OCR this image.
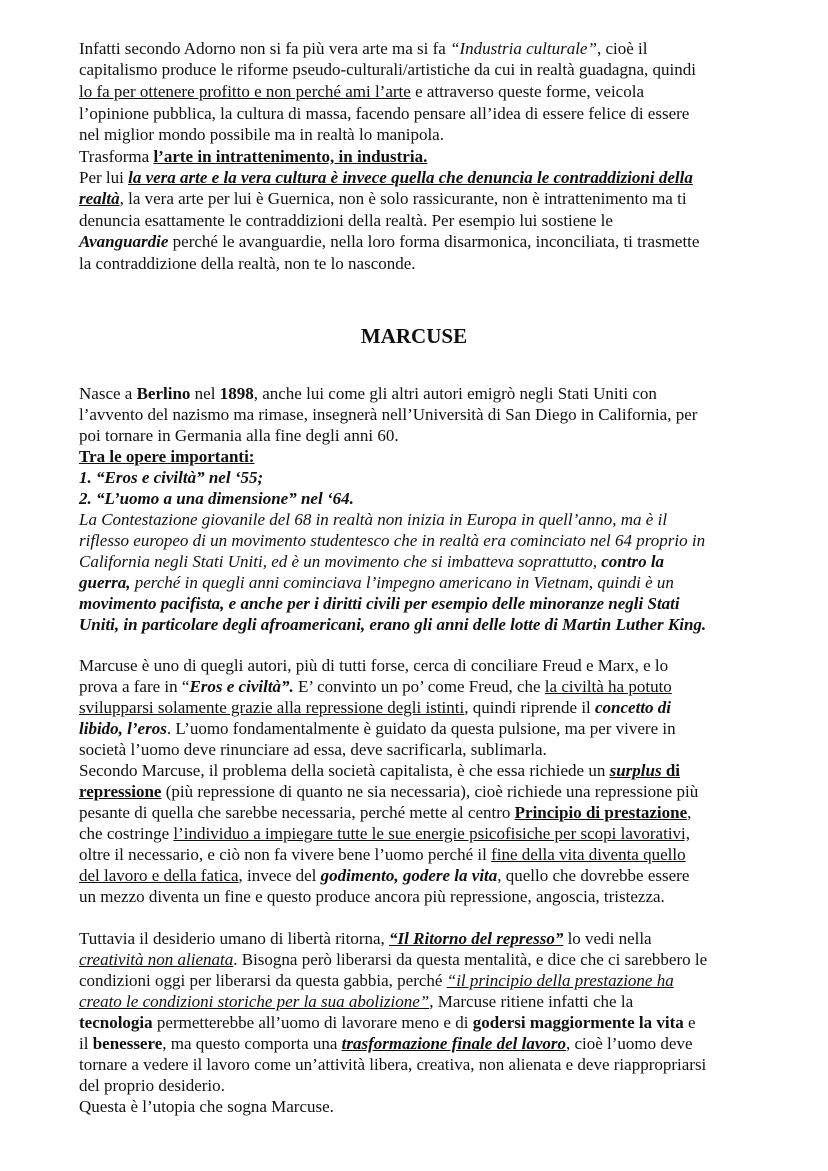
Infatti secondo Adorno non si fa più vera arte ma si fa “Industria culturale”, cioè il
capitalismo produce le riforme pseudo-culturali/artistiche da cui in realtà guadagna, quindi
lo fa per ottenere profitto e non perché ami l’arte e attraverso queste forme, veicola
l’opinione pubblica, la cultura di massa, facendo pensare all’idea di essere felice di essere
nel miglior mondo possibile ma in realtà lo manipola.
Trasforma l’arte in intrattenimento, in industria.
Per lui la vera arte e la vera cultura è invece quella che denuncia le contraddizioni della
realtà, la vera arte per lui è Guernica, non è solo rassicurante, non è intrattenimento ma ti
denuncia esattamente le contraddizioni della realtà. Per esempio lui sostiene le
Avanguardie perché le avanguardie, nella loro forma disarmonica, inconciliata, ti trasmette
la contraddizione della realtà, non te lo nasconde.
MARCUSE
Nasce a Berlino nel 1898, anche lui come gli altri autori emigrò negli Stati Uniti con
l’avvento del nazismo ma rimase, insegnerà nell’Università di San Diego in California, per
poi tornare in Germania alla fine degli anni 60.
Tra le opere importanti:
1. “Eros e civiltà” nel ‘55;
2. “L’uomo a una dimensione” nel ‘64.
La Contestazione giovanile del 68 in realtà non inizia in Europa in quell’anno, ma è il
riflesso europeo di un movimento studentesco che in realtà era cominciato nel 64 proprio in
California negli Stati Uniti, ed è un movimento che si imbatteva soprattutto, contro la
guerra, perché in quegli anni cominciava l’impegno americano in Vietnam, quindi è un
movimento pacifista, e anche per i diritti civili per esempio delle minoranze negli Stati
Uniti, in particolare degli afroamericani, erano gli anni delle lotte di Martin Luther King.
Marcuse è uno di quegli autori, più di tutti forse, cerca di conciliare Freud e Marx, e lo
prova a fare in “Eros e civiltà”. E’ convinto un po’ come Freud, che la civiltà ha potuto
svilupparsi solamente grazie alla repressione degli istinti, quindi riprende il concetto di
libido, l’eros. L’uomo fondamentalmente è guidato da questa pulsione, ma per vivere in
società l’uomo deve rinunciare ad essa, deve sacrificarla, sublimarla.
Secondo Marcuse, il problema della società capitalista, è che essa richiede un surplus di
repressione (più repressione di quanto ne sia necessaria), cioè richiede una repressione più
pesante di quella che sarebbe necessaria, perché mette al centro Principio di prestazione,
che costringe l’individuo a impiegare tutte le sue energie psicofisiche per scopi lavorativi,
oltre il necessario, e ciò non fa vivere bene l’uomo perché il fine della vita diventa quello
del lavoro e della fatica, invece del godimento, godere la vita, quello che dovrebbe essere
un mezzo diventa un fine e questo produce ancora più repressione, angoscia, tristezza.
Tuttavia il desiderio umano di libertà ritorna, “Il Ritorno del represso” lo vedi nella
creatività non alienata. Bisogna però liberarsi da questa mentalità, e dice che ci sarebbero le
condizioni oggi per liberarsi da questa gabbia, perché “il principio della prestazione ha
creato le condizioni storiche per la sua abolizione”, Marcuse ritiene infatti che la
tecnologia permetterebbe all’uomo di lavorare meno e di godersi maggiormente la vita e
il benessere, ma questo comporta una trasformazione finale del lavoro, cioè l’uomo deve
tornare a vedere il lavoro come un’attività libera, creativa, non alienata e deve riappropriarsi
del proprio desiderio.
Questa è l’utopia che sogna Marcuse.
